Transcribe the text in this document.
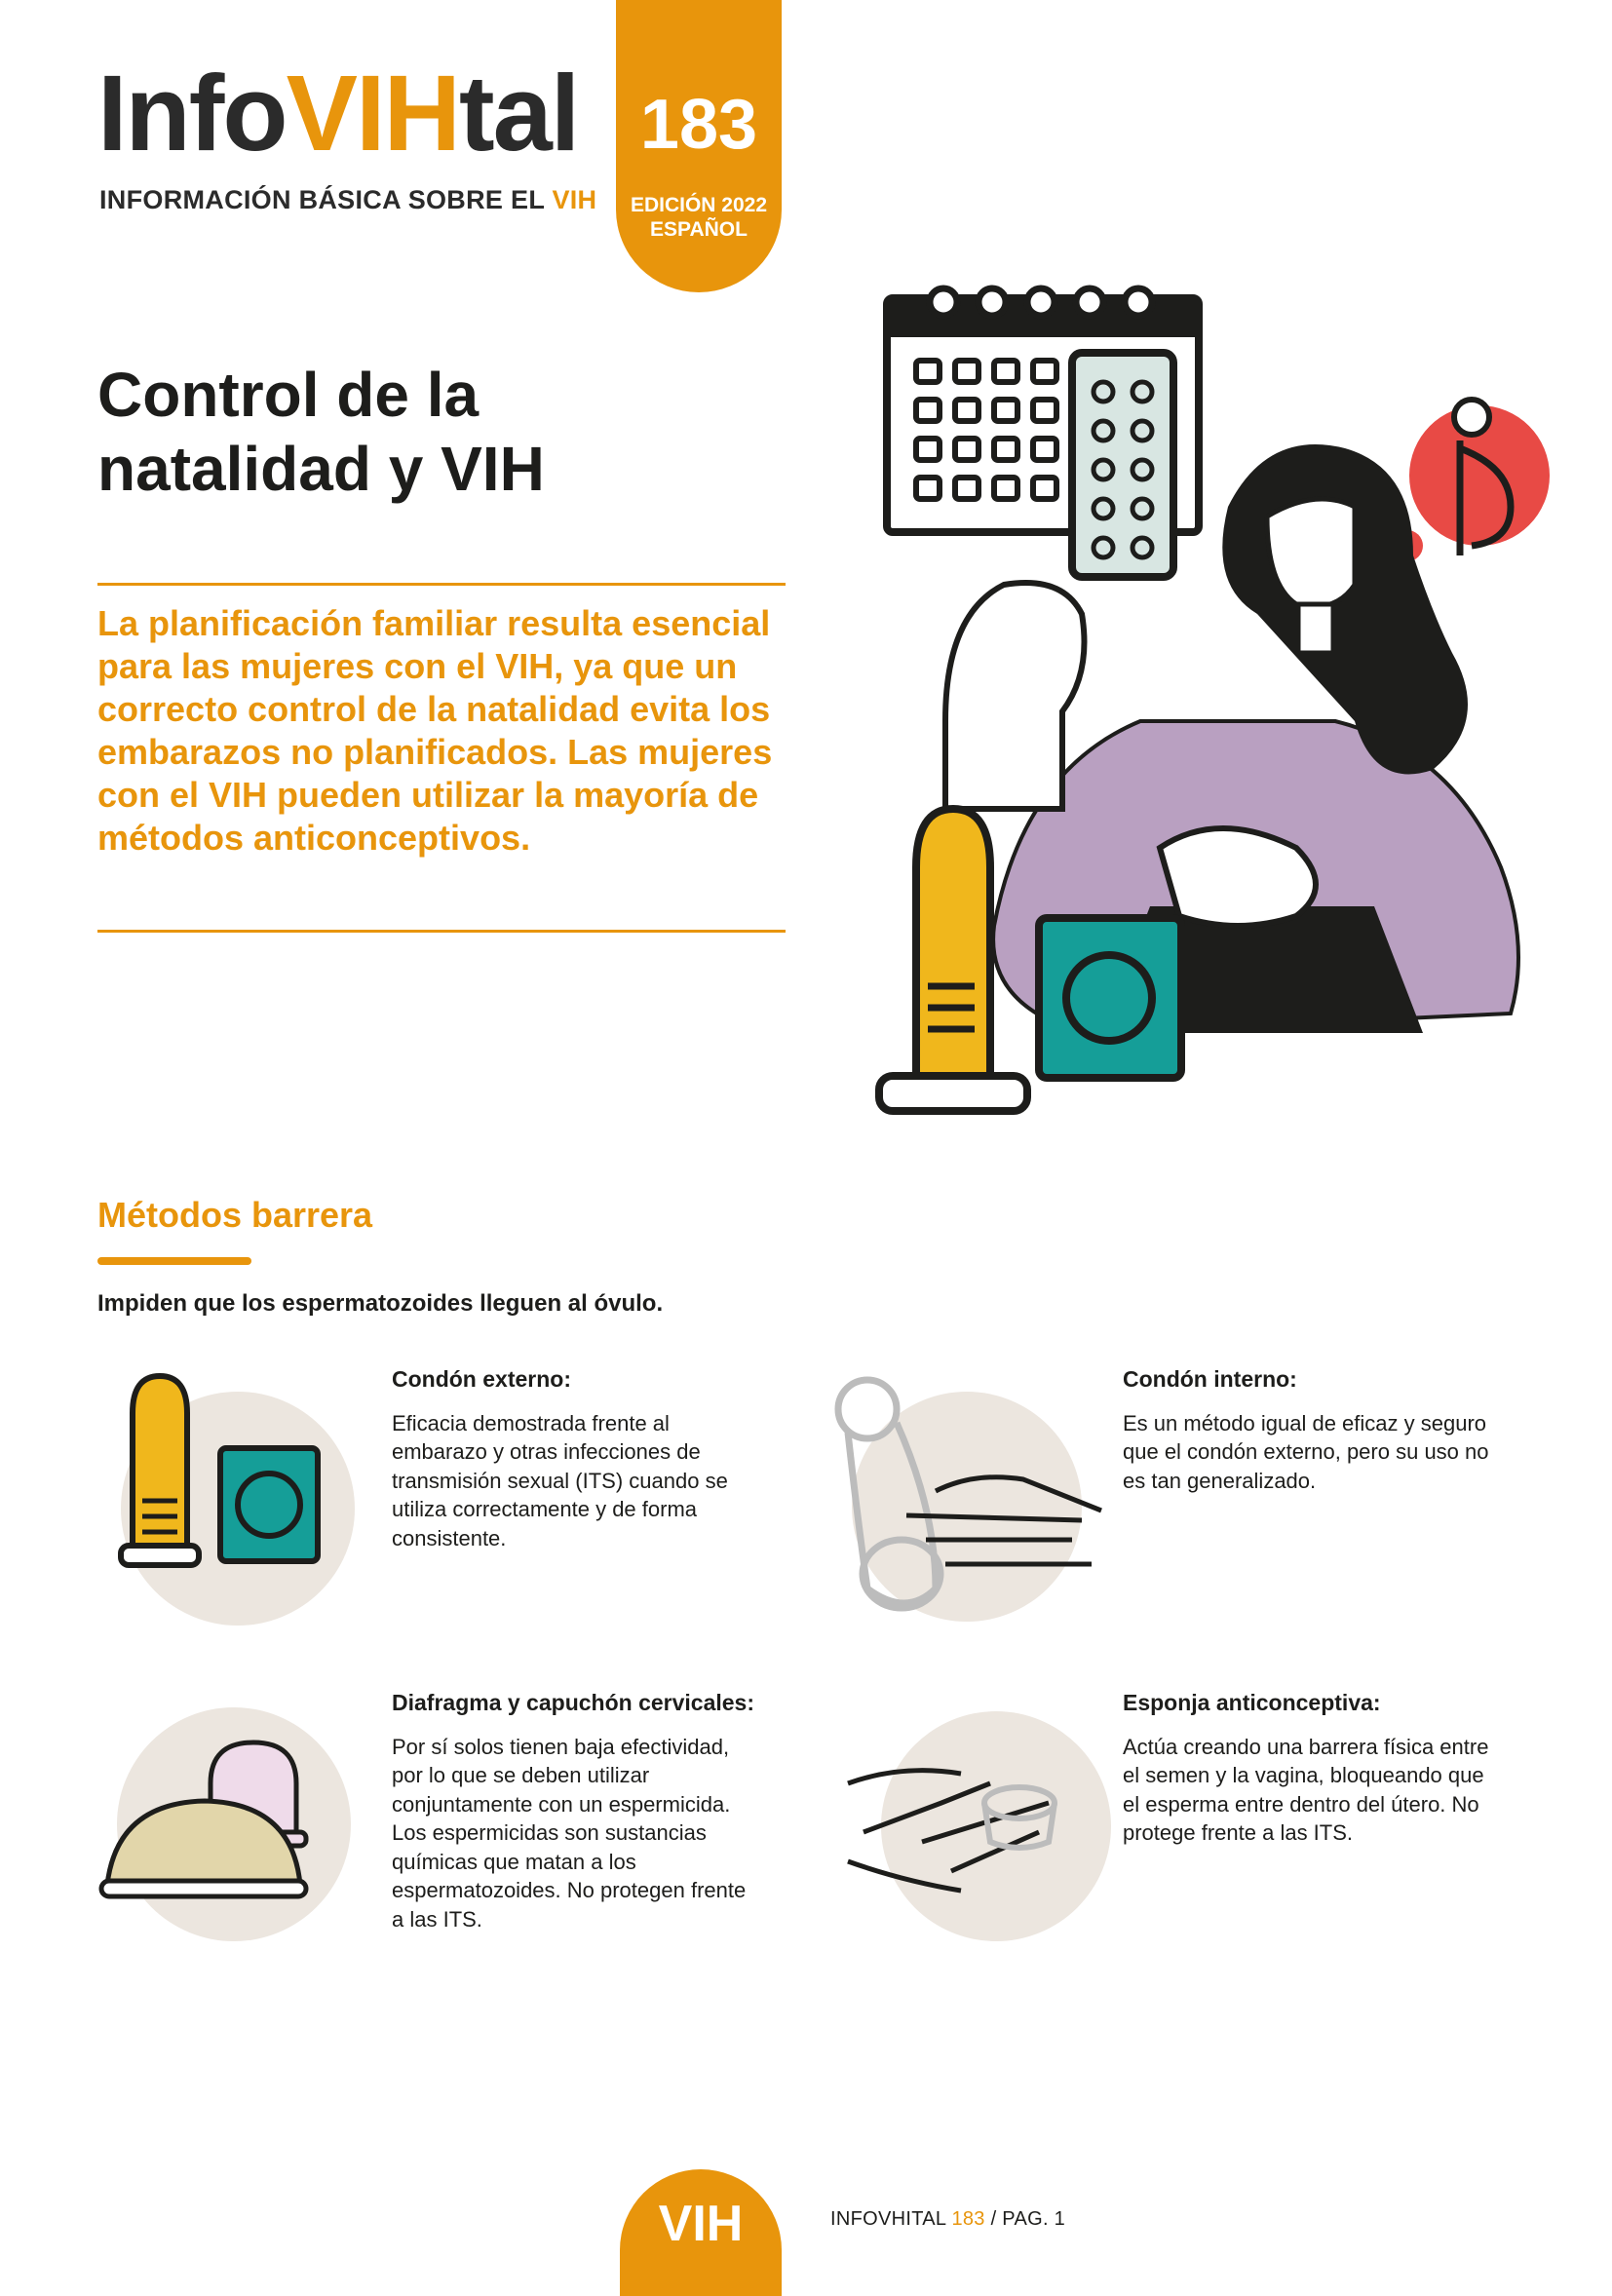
Info VIH tal
INFORMACIÓN BÁSICA SOBRE EL VIH
183
EDICIÓN 2022
ESPAÑOL
Control de la
natalidad y VIH
La planificación familiar resulta esencial para las mujeres con el VIH, ya que un correcto control de la natalidad evita los embarazos no planificados. Las mujeres con el VIH pueden utilizar la mayoría de métodos anticonceptivos.
Métodos barrera
Impiden que los espermatozoides lleguen al óvulo.
Condón externo:
Eficacia demostrada frente al embarazo y otras infecciones de transmisión sexual (ITS) cuando se utiliza correctamente y de forma consistente.
Condón interno:
Es un método igual de eficaz y seguro que el condón externo, pero su uso no es tan generalizado.
Diafragma y capuchón cervicales:
Por sí solos tienen baja efectividad, por lo que se deben utilizar conjuntamente con un espermicida. Los espermicidas son sustancias químicas que matan a los espermatozoides. No protegen frente a las ITS.
Esponja anticonceptiva:
Actúa creando una barrera física entre el semen y la vagina, bloqueando que el esperma entre dentro del útero. No protege frente a las ITS.
VIH	INFOVHITAL 183 / PAG. 1
